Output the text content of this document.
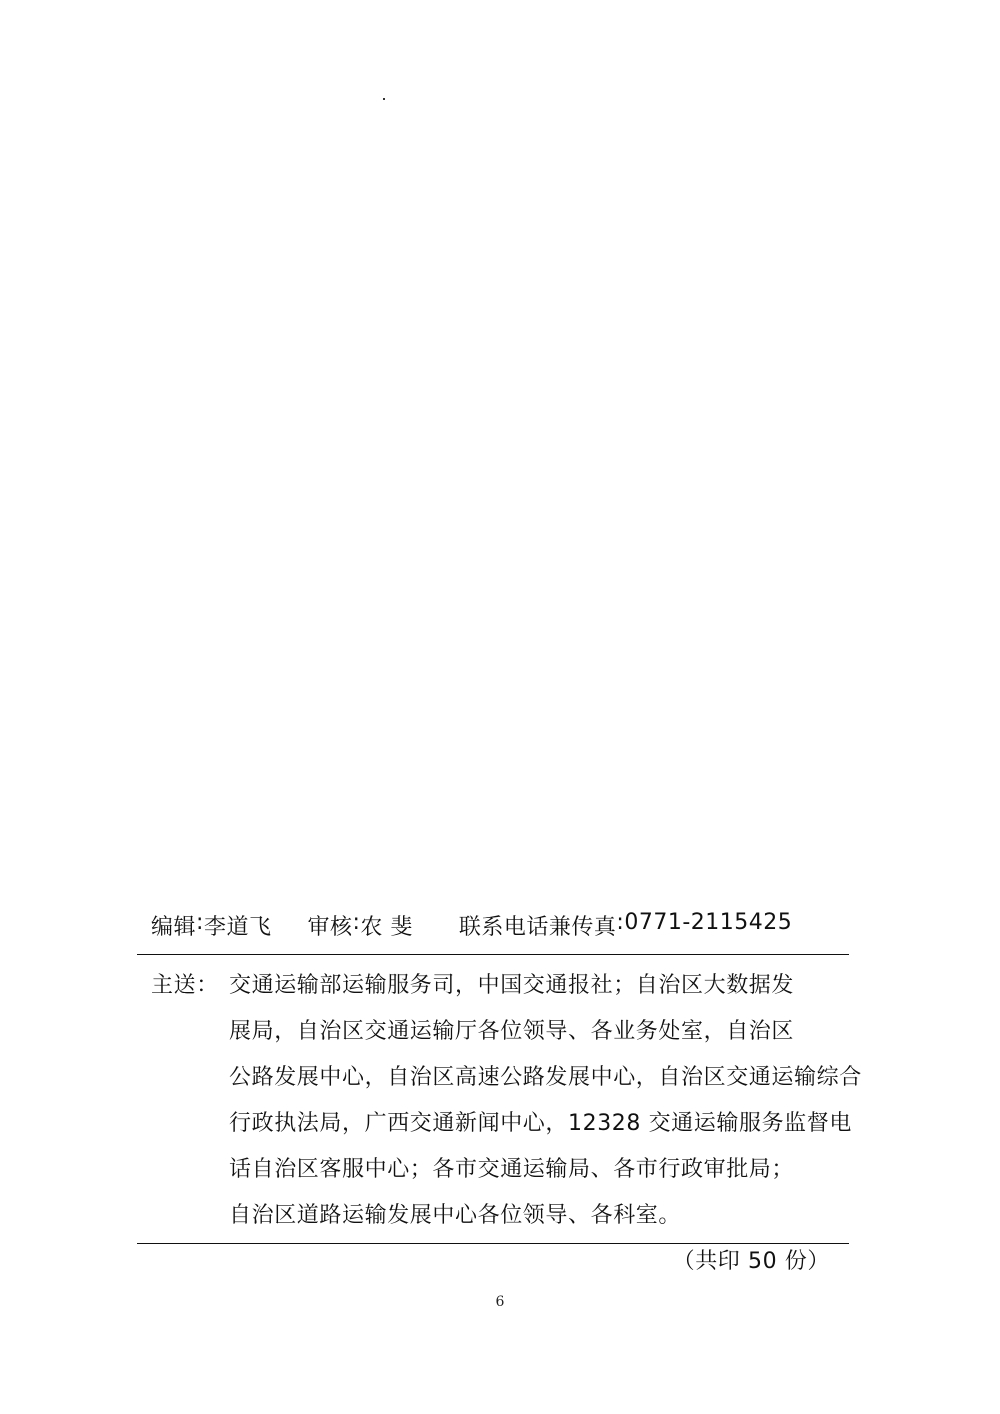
编辑 : 李道飞 审核 : 农 斐 联系电话兼传真 : 0771-2115425
主送： 交通运输部运输服务司，中国交通报社；自治区大数据发
展局，自治区交通运输厅各位领导、各业务处室，自治区
公路发展中心，自治区高速公路发展中心，自治区交通运输综合
行政执法局，广西交通新闻中心，12328 交通运输服务监督电
话自治区客服中心；各市交通运输局、各市行政审批局；
自治区道路运输发展中心各位领导、各科室。
（共印 50 份）
6
